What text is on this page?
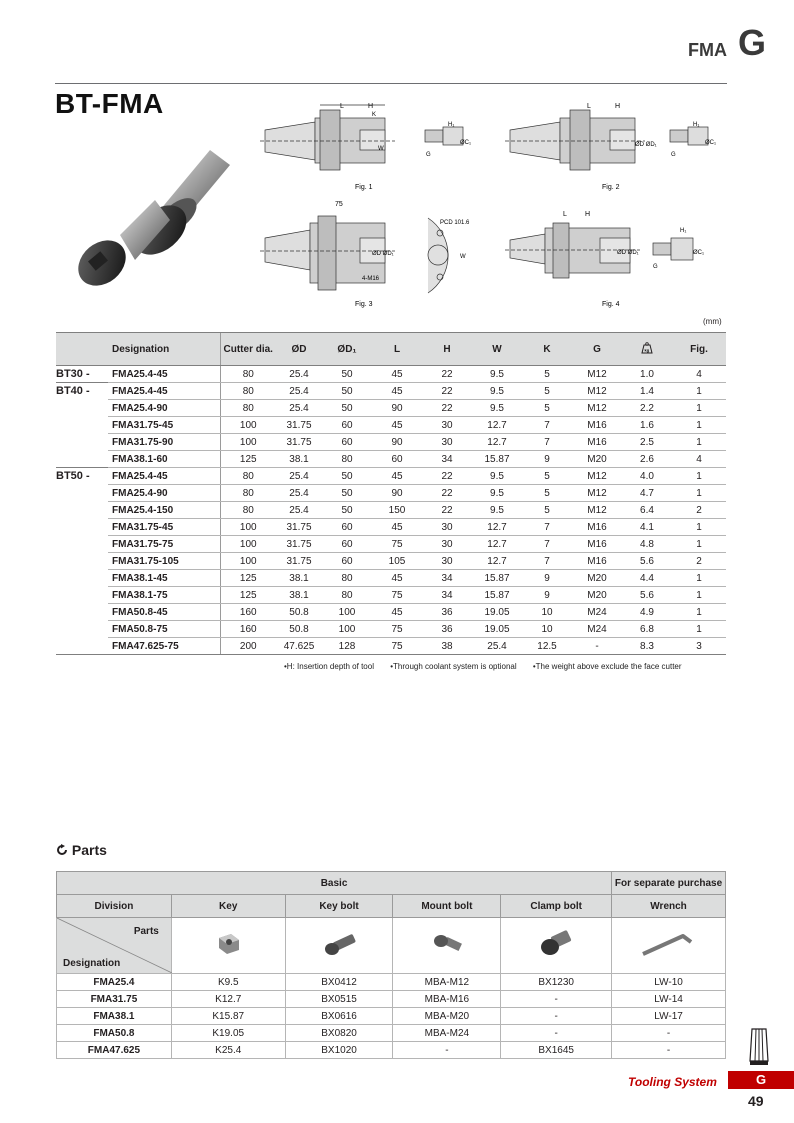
FMA G
BT-FMA	L	H
K
W
H₁
ØC₁
G
Fig. 1
L	H
ØD ØD₁
H₁
ØC₁
G
Fig. 2
75
ØD ØD₁
4-M16
PCD 101.6
W
Fig. 3
L	H
ØD ØD₁
H₁
ØC₁
G
Fig. 4
(mm)
	Designation	Cutter dia.	ØD	ØD₁	L	H	W	K	G	kg	Fig.
BT30 -	FMA25.4-45	80	25.4	50	45	22	9.5	5	M12	1.0	4
BT40 -	FMA25.4-45	80	25.4	50	45	22	9.5	5	M12	1.4	1
	FMA25.4-90	80	25.4	50	90	22	9.5	5	M12	2.2	1
	FMA31.75-45	100	31.75	60	45	30	12.7	7	M16	1.6	1
	FMA31.75-90	100	31.75	60	90	30	12.7	7	M16	2.5	1
	FMA38.1-60	125	38.1	80	60	34	15.87	9	M20	2.6	4
BT50 -	FMA25.4-45	80	25.4	50	45	22	9.5	5	M12	4.0	1
	FMA25.4-90	80	25.4	50	90	22	9.5	5	M12	4.7	1
	FMA25.4-150	80	25.4	50	150	22	9.5	5	M12	6.4	2
	FMA31.75-45	100	31.75	60	45	30	12.7	7	M16	4.1	1
	FMA31.75-75	100	31.75	60	75	30	12.7	7	M16	4.8	1
	FMA31.75-105	100	31.75	60	105	30	12.7	7	M16	5.6	2
	FMA38.1-45	125	38.1	80	45	34	15.87	9	M20	4.4	1
	FMA38.1-75	125	38.1	80	75	34	15.87	9	M20	5.6	1
	FMA50.8-45	160	50.8	100	45	36	19.05	10	M24	4.9	1
	FMA50.8-75	160	50.8	100	75	36	19.05	10	M24	6.8	1
	FMA47.625-75	200	47.625	128	75	38	25.4	12.5	-	8.3	3
•H: Insertion depth of tool •Through coolant system is optional •The weight above exclude the face cutter
Parts
Basic					For separate purchase
Division	Key	Key bolt	Mount bolt	Clamp bolt	Wrench

Parts
Designation

FMA25.4	K9.5	BX0412	MBA-M12	BX1230	LW-10
FMA31.75	K12.7	BX0515	MBA-M16	-	LW-14
FMA38.1	K15.87	BX0616	MBA-M20	-	LW-17
FMA50.8	K19.05	BX0820	MBA-M24	-	-
FMA47.625	K25.4	BX1020	-	BX1645	-
Tooling System	G
49
